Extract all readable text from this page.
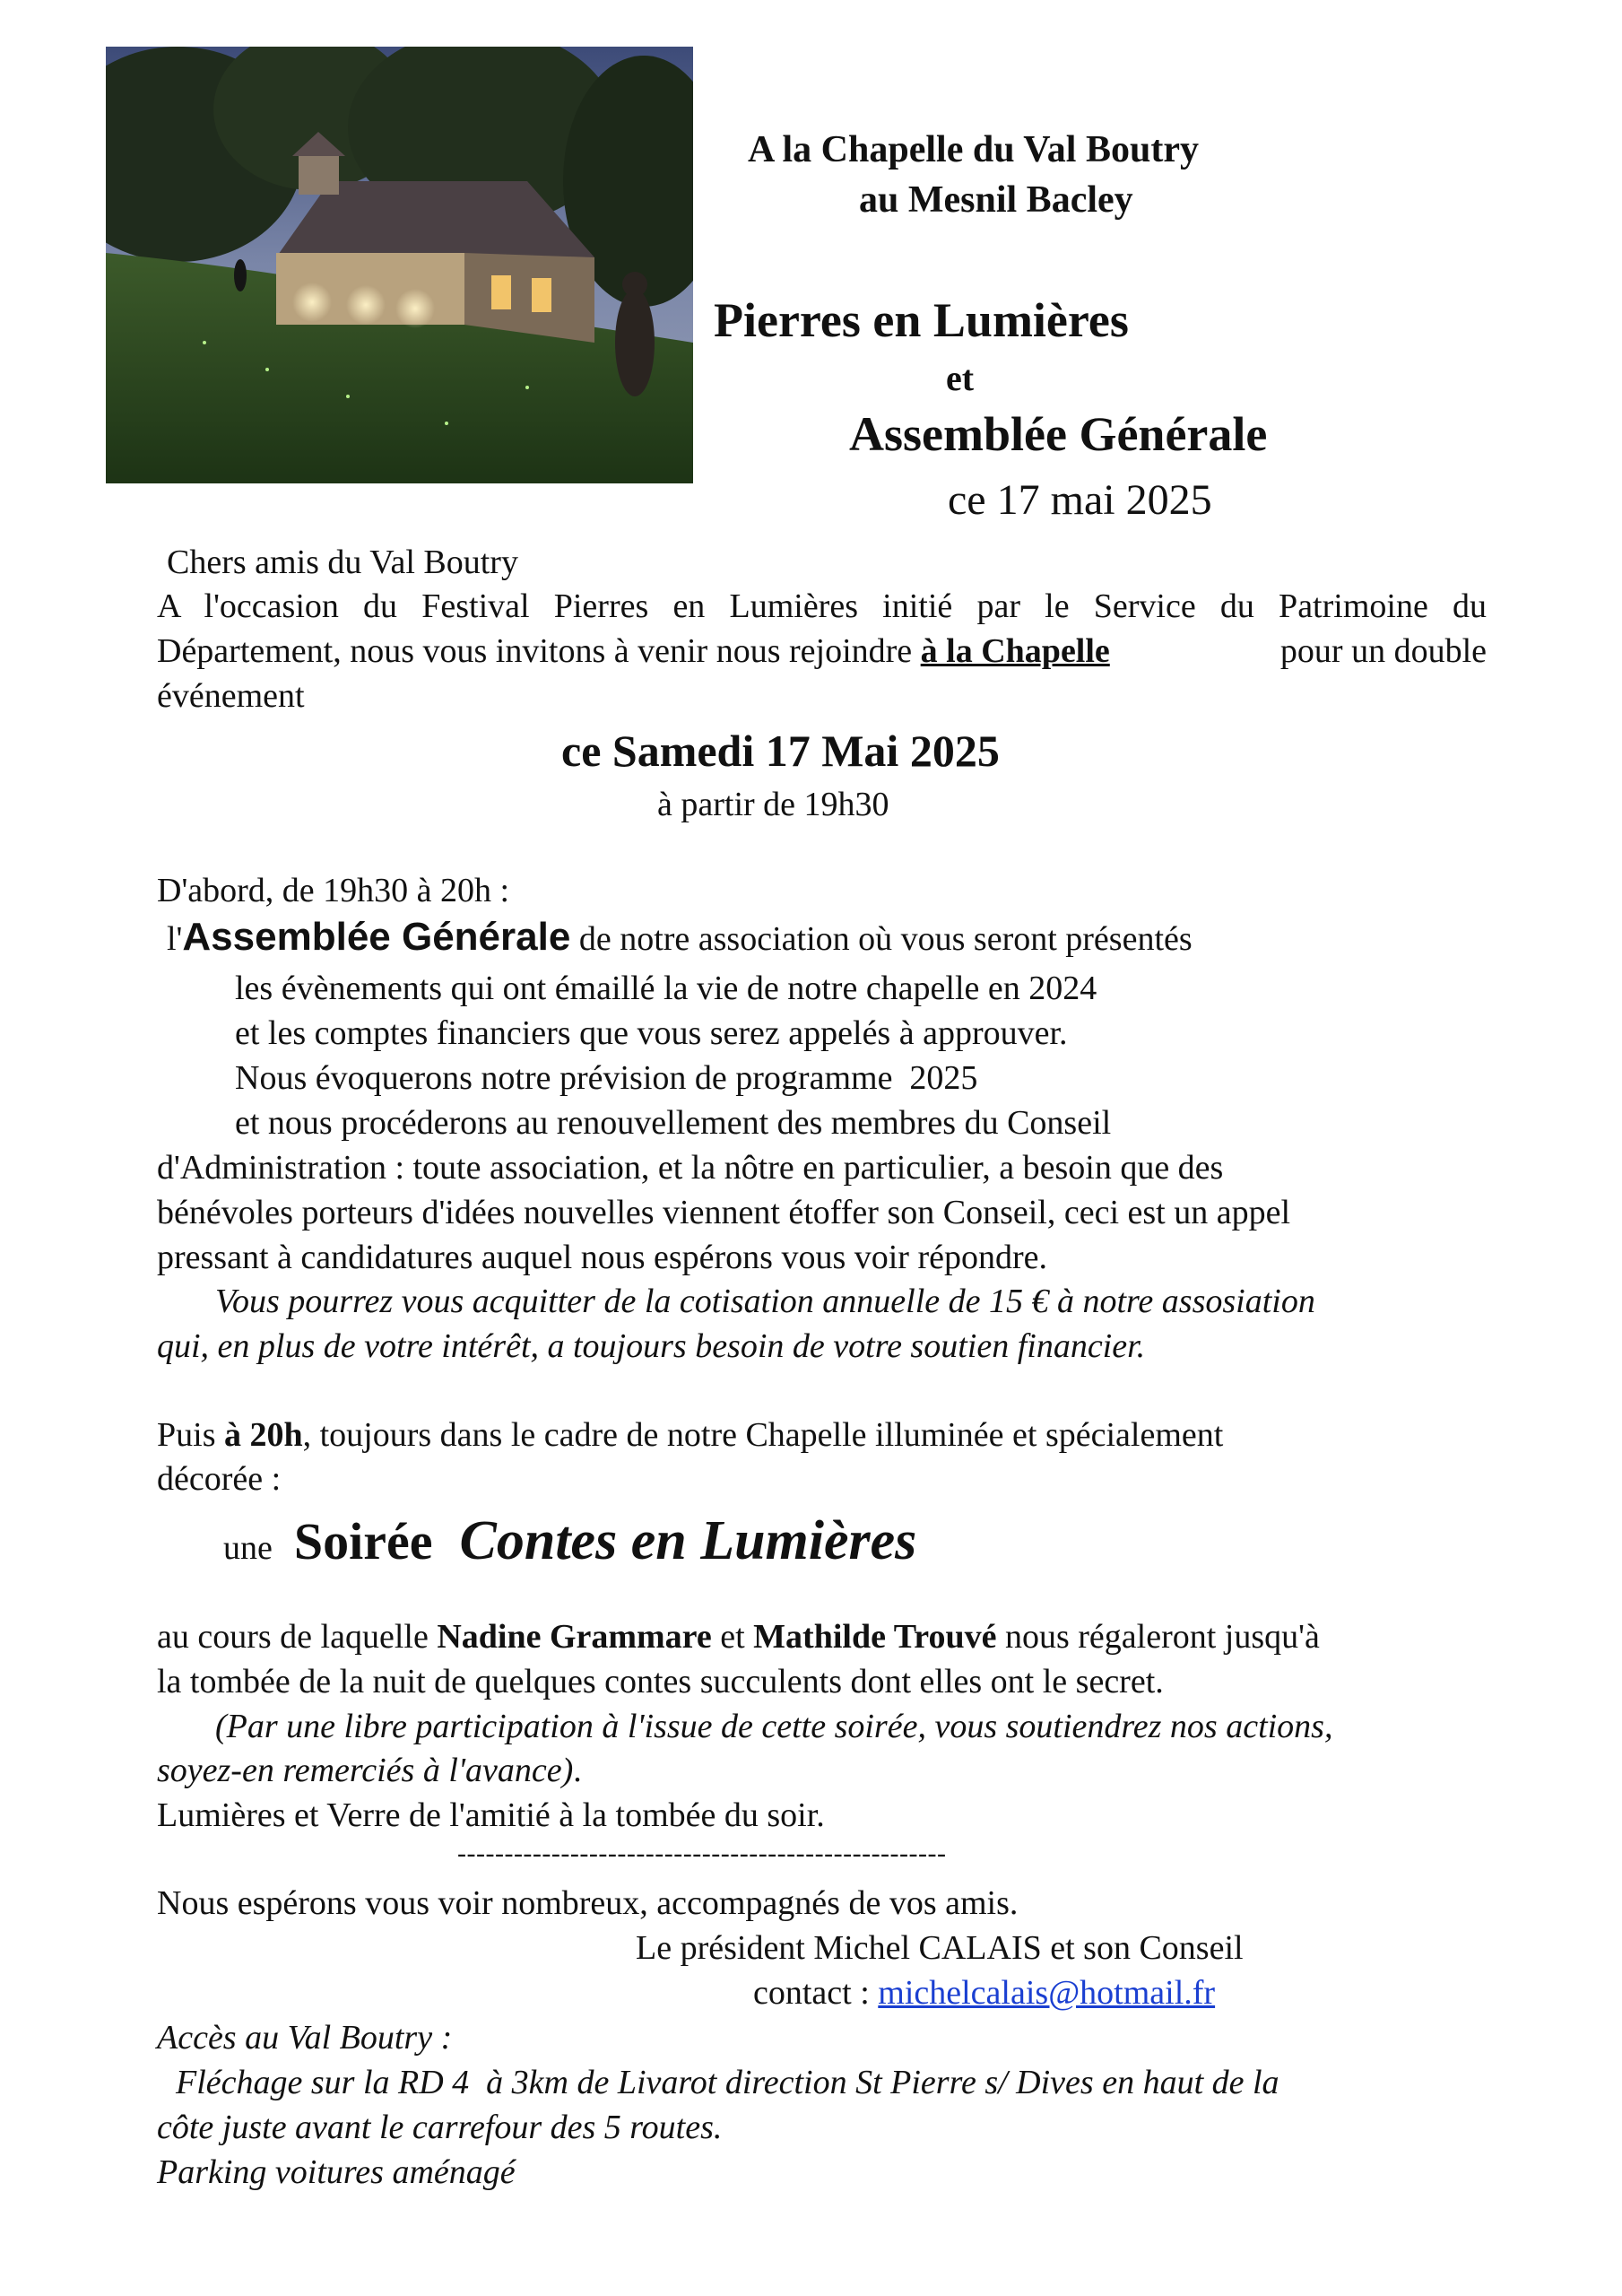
A la Chapelle du Val Boutry
au Mesnil Bacley
Pierres en Lumières
et
Assemblée Générale
ce 17 mai 2025
Chers amis du Val Boutry
A l'occasion du Festival Pierres en Lumières initié par le Service du Patrimoine du
Département, nous vous invitons à venir nous rejoindre à la Chapelle	pour un double
événement
ce Samedi 17 Mai 2025
à partir de 19h30
D'abord, de 19h30 à 20h :
l'Assemblée Générale de notre association où vous seront présentés
les évènements qui ont émaillé la vie de notre chapelle en 2024
et les comptes financiers que vous serez appelés à approuver.
Nous évoquerons notre prévision de programme  2025
et nous procéderons au renouvellement des membres du Conseil
d'Administration : toute association, et la nôtre en particulier, a besoin que des
bénévoles porteurs d'idées nouvelles viennent étoffer son Conseil, ceci est un appel
pressant à candidatures auquel nous espérons vous voir répondre.
Vous pourrez vous acquitter de la cotisation annuelle de 15 € à notre assosiation
qui, en plus de votre intérêt, a toujours besoin de votre soutien financier.
Puis à 20h, toujours dans le cadre de notre Chapelle illuminée et spécialement
décorée :
une Soirée Contes en Lumières
au cours de laquelle Nadine Grammare et Mathilde Trouvé nous régaleront jusqu'à
la tombée de la nuit de quelques contes succulents dont elles ont le secret.
(Par une libre participation à l'issue de cette soirée, vous soutiendrez nos actions,
soyez-en remerciés à l'avance).
Lumières et Verre de l'amitié à la tombée du soir.
----------------------------------------------------
Nous espérons vous voir nombreux, accompagnés de vos amis.
Le président Michel CALAIS et son Conseil
contact : michelcalais@hotmail.fr
Accès au Val Boutry :
Fléchage sur la RD 4  à 3km de Livarot direction St Pierre s/ Dives en haut de la
côte juste avant le carrefour des 5 routes.
Parking voitures aménagé
